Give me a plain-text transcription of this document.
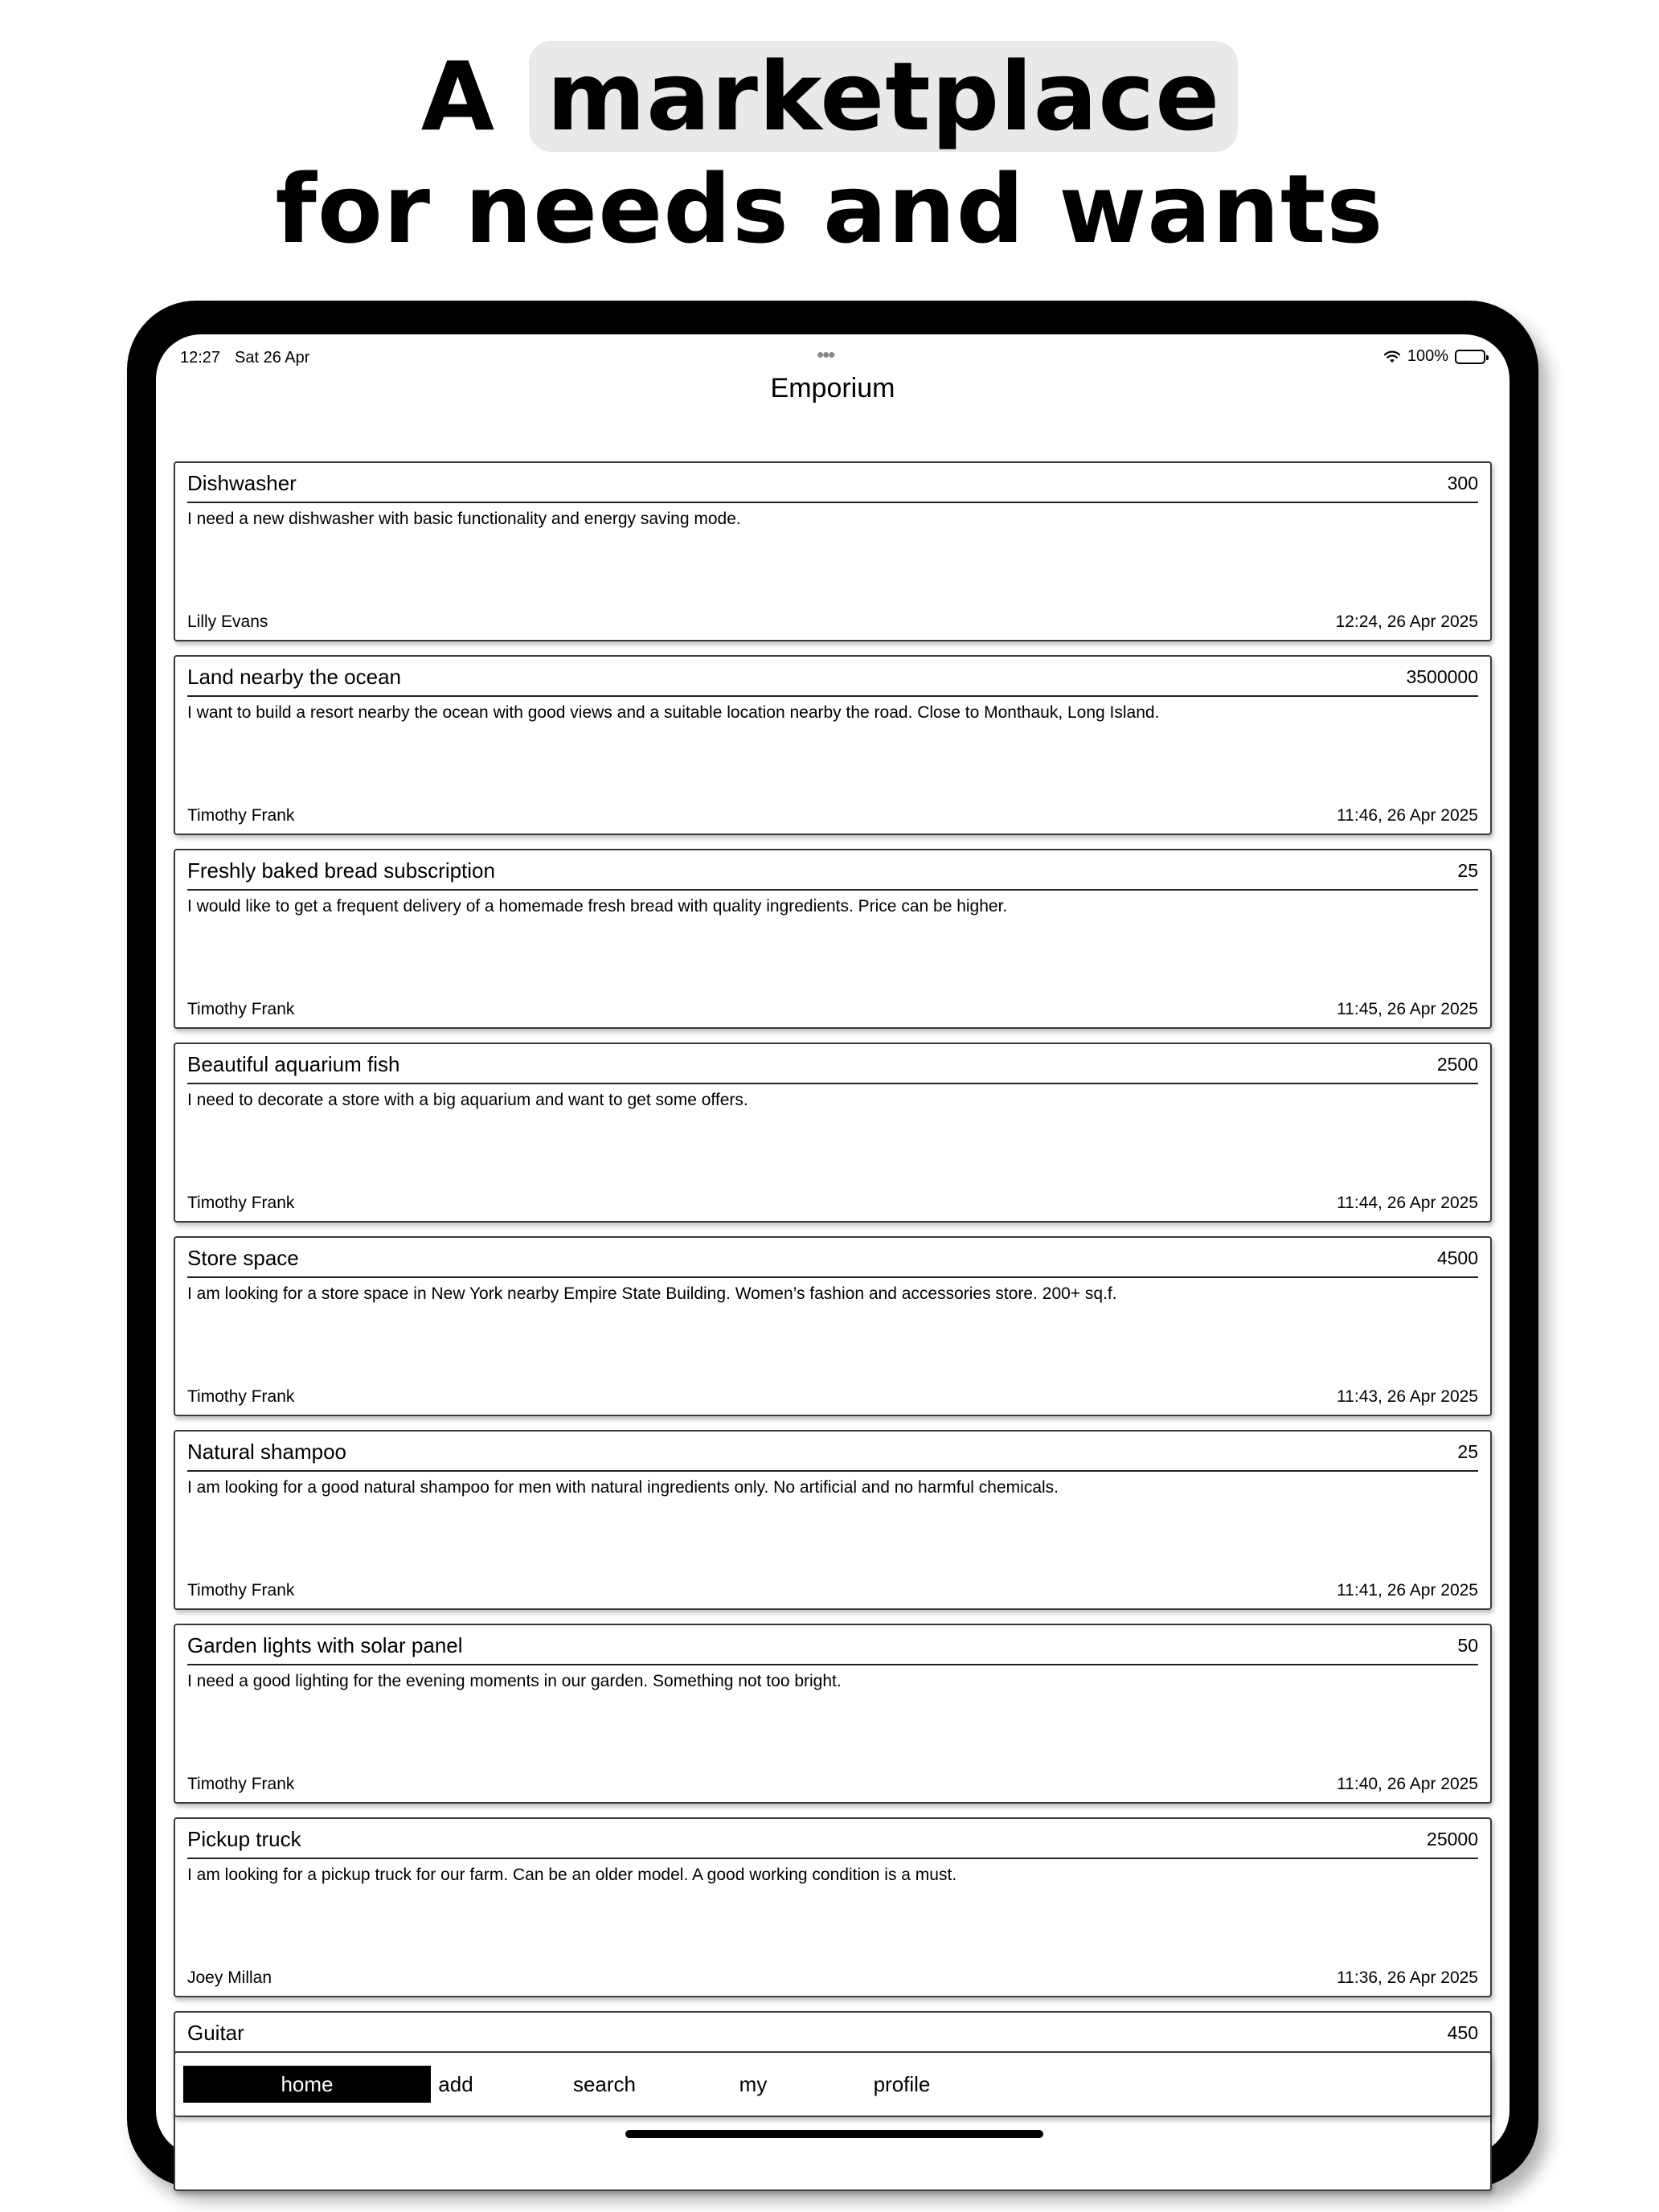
A marketplace
for needs and wants
12:27 Sat 26 Apr	•••	100%
Emporium
Dishwasher	300
I need a new dishwasher with basic functionality and energy saving mode.
Lilly Evans	12:24, 26 Apr 2025
Land nearby the ocean	3500000
I want to build a resort nearby the ocean with good views and a suitable location nearby the road. Close to Monthauk, Long Island.
Timothy Frank	11:46, 26 Apr 2025
Freshly baked bread subscription	25
I would like to get a frequent delivery of a homemade fresh bread with quality ingredients. Price can be higher.
Timothy Frank	11:45, 26 Apr 2025
Beautiful aquarium fish	2500
I need to decorate a store with a big aquarium and want to get some offers.
Timothy Frank	11:44, 26 Apr 2025
Store space	4500
I am looking for a store space in New York nearby Empire State Building. Women’s fashion and accessories store. 200+ sq.f.
Timothy Frank	11:43, 26 Apr 2025
Natural shampoo	25
I am looking for a good natural shampoo for men with natural ingredients only. No artificial and no harmful chemicals.
Timothy Frank	11:41, 26 Apr 2025
Garden lights with solar panel	50
I need a good lighting for the evening moments in our garden. Something not too bright.
Timothy Frank	11:40, 26 Apr 2025
Pickup truck	25000
I am looking for a pickup truck for our farm. Can be an older model. A good working condition is a must.
Joey Millan	11:36, 26 Apr 2025
Guitar	450
home	add	search	my	profile
